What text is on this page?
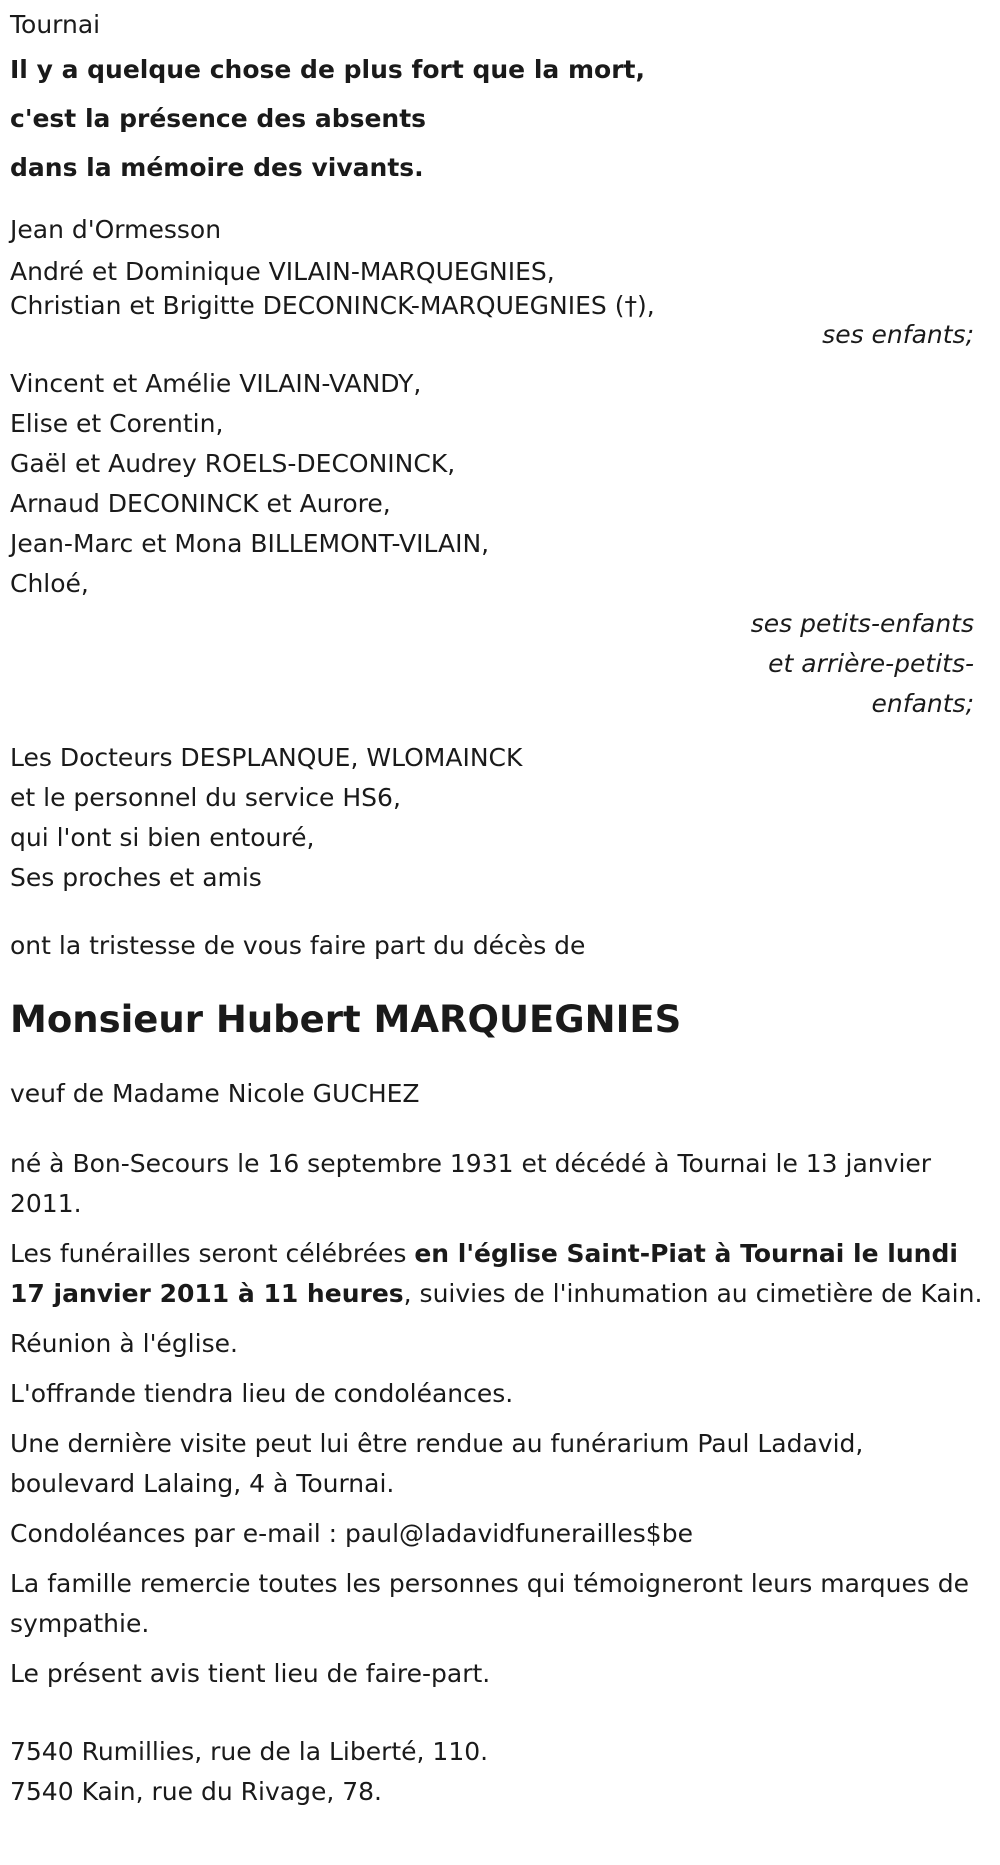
Tournai
Il y a quelque chose de plus fort que la mort,
c'est la présence des absents
dans la mémoire des vivants.
Jean d'Ormesson
André et Dominique VILAIN-MARQUEGNIES,
Christian et Brigitte DECONINCK-MARQUEGNIES (†),
ses enfants;
Vincent et Amélie VILAIN-VANDY,
Elise et Corentin,
Gaël et Audrey ROELS-DECONINCK,
Arnaud DECONINCK et Aurore,
Jean-Marc et Mona BILLEMONT-VILAIN,
Chloé,
ses petits-enfants et arrière-petits-enfants;
Les Docteurs DESPLANQUE, WLOMAINCK
et le personnel du service HS6,
qui l'ont si bien entouré,
Ses proches et amis
ont la tristesse de vous faire part du décès de
Monsieur Hubert MARQUEGNIES
veuf de Madame Nicole GUCHEZ
né à Bon-Secours le 16 septembre 1931 et décédé à Tournai le 13 janvier 2011.
Les funérailles seront célébrées en l'église Saint-Piat à Tournai le lundi 17 janvier 2011 à 11 heures, suivies de l'inhumation au cimetière de Kain.
Réunion à l'église.
L'offrande tiendra lieu de condoléances.
Une dernière visite peut lui être rendue au funérarium Paul Ladavid, boulevard Lalaing, 4 à Tournai.
Condoléances par e-mail : paul@ladavidfunerailles$be
La famille remercie toutes les personnes qui témoigneront leurs marques de sympathie.
Le présent avis tient lieu de faire-part.
7540 Rumillies, rue de la Liberté, 110.
7540 Kain, rue du Rivage, 78.
